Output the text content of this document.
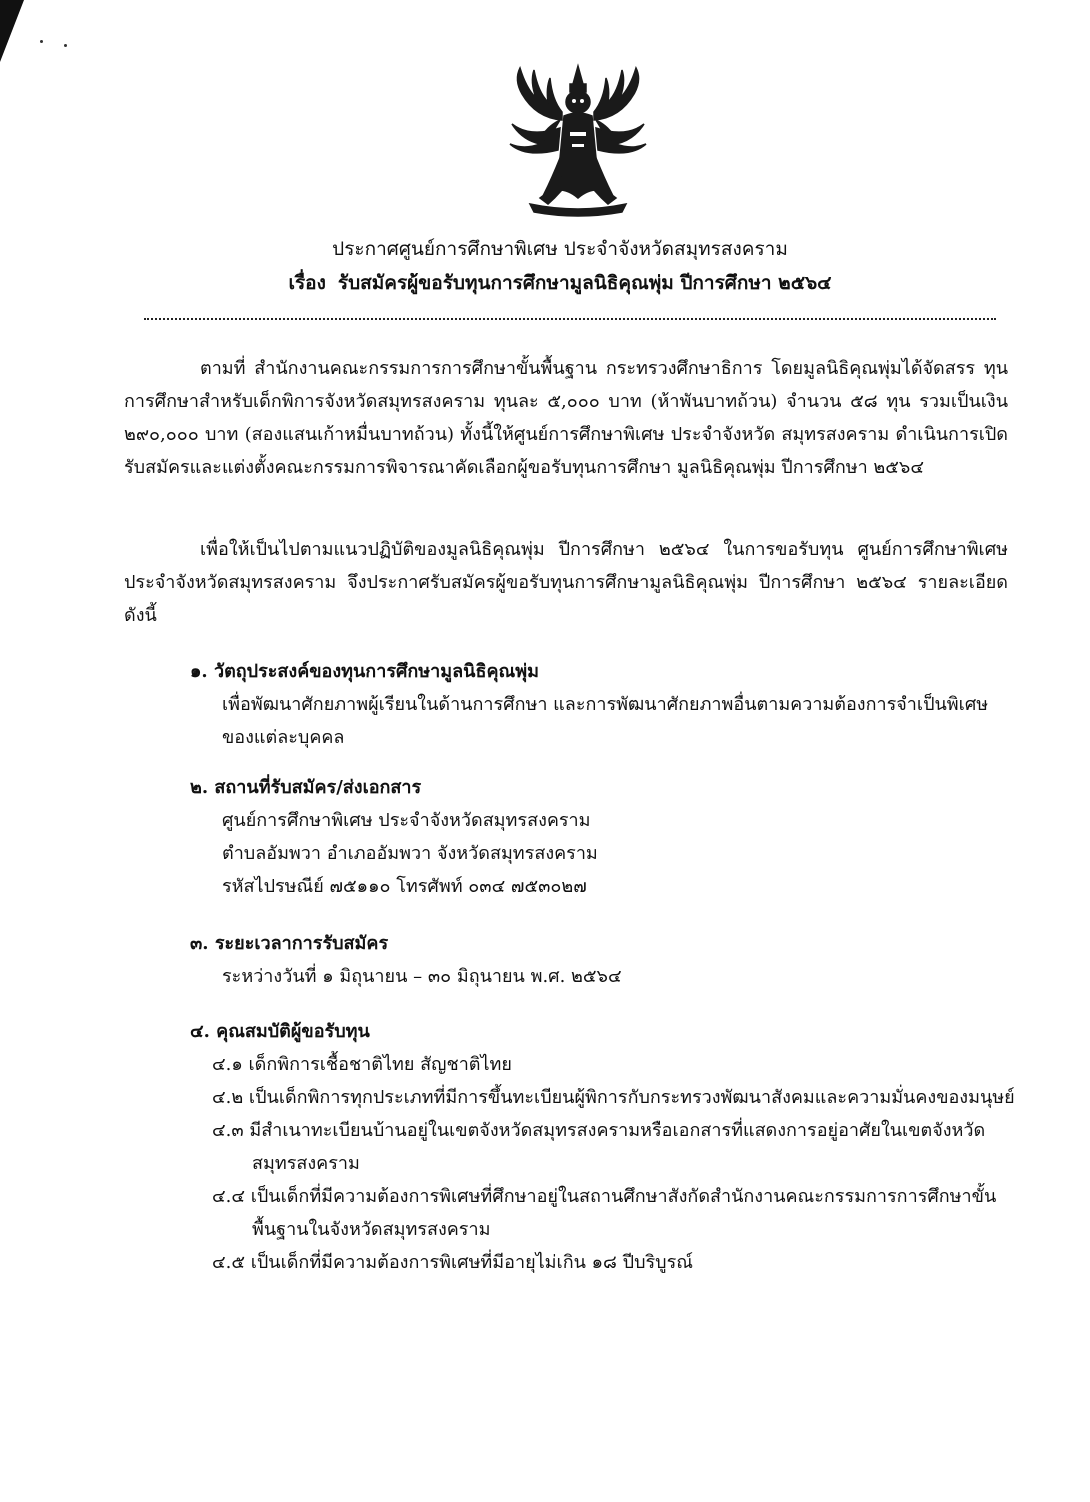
ประกาศศูนย์การศึกษาพิเศษ ประจำจังหวัดสมุทรสงคราม
เรื่อง รับสมัครผู้ขอรับทุนการศึกษามูลนิธิคุณพุ่ม ปีการศึกษา ๒๕๖๔
ตามที่ สำนักงานคณะกรรมการการศึกษาขั้นพื้นฐาน กระทรวงศึกษาธิการ โดยมูลนิธิคุณพุ่มได้จัดสรร ทุนการศึกษาสำหรับเด็กพิการจังหวัดสมุทรสงคราม ทุนละ ๕,๐๐๐ บาท (ห้าพันบาทถ้วน) จำนวน ๕๘ ทุน รวมเป็นเงิน ๒๙๐,๐๐๐ บาท (สองแสนเก้าหมื่นบาทถ้วน) ทั้งนี้ให้ศูนย์การศึกษาพิเศษ ประจำจังหวัด สมุทรสงคราม ดำเนินการเปิดรับสมัครและแต่งตั้งคณะกรรมการพิจารณาคัดเลือกผู้ขอรับทุนการศึกษา มูลนิธิคุณพุ่ม ปีการศึกษา ๒๕๖๔
เพื่อให้เป็นไปตามแนวปฏิบัติของมูลนิธิคุณพุ่ม ปีการศึกษา ๒๕๖๔ ในการขอรับทุน ศูนย์การศึกษาพิเศษ ประจำจังหวัดสมุทรสงคราม จึงประกาศรับสมัครผู้ขอรับทุนการศึกษามูลนิธิคุณพุ่ม ปีการศึกษา ๒๕๖๔ รายละเอียด ดังนี้
๑. วัตถุประสงค์ของทุนการศึกษามูลนิธิคุณพุ่ม
เพื่อพัฒนาศักยภาพผู้เรียนในด้านการศึกษา และการพัฒนาศักยภาพอื่นตามความต้องการจำเป็นพิเศษของแต่ละบุคคล
๒. สถานที่รับสมัคร/ส่งเอกสาร
ศูนย์การศึกษาพิเศษ ประจำจังหวัดสมุทรสงคราม
ตำบลอัมพวา อำเภออัมพวา จังหวัดสมุทรสงคราม
รหัสไปรษณีย์ ๗๕๑๑๐ โทรศัพท์ ๐๓๔ ๗๕๓๐๒๗
๓. ระยะเวลาการรับสมัคร
ระหว่างวันที่ ๑ มิถุนายน – ๓๐ มิถุนายน พ.ศ. ๒๕๖๔
๔. คุณสมบัติผู้ขอรับทุน
๔.๑ เด็กพิการเชื้อชาติไทย สัญชาติไทย
๔.๒ เป็นเด็กพิการทุกประเภทที่มีการขึ้นทะเบียนผู้พิการกับกระทรวงพัฒนาสังคมและความมั่นคงของมนุษย์
๔.๓ มีสำเนาทะเบียนบ้านอยู่ในเขตจังหวัดสมุทรสงครามหรือเอกสารที่แสดงการอยู่อาศัยในเขตจังหวัดสมุทรสงคราม
๔.๔ เป็นเด็กที่มีความต้องการพิเศษที่ศึกษาอยู่ในสถานศึกษาสังกัดสำนักงานคณะกรรมการการศึกษาขั้นพื้นฐานในจังหวัดสมุทรสงคราม
๔.๕ เป็นเด็กที่มีความต้องการพิเศษที่มีอายุไม่เกิน ๑๘ ปีบริบูรณ์
